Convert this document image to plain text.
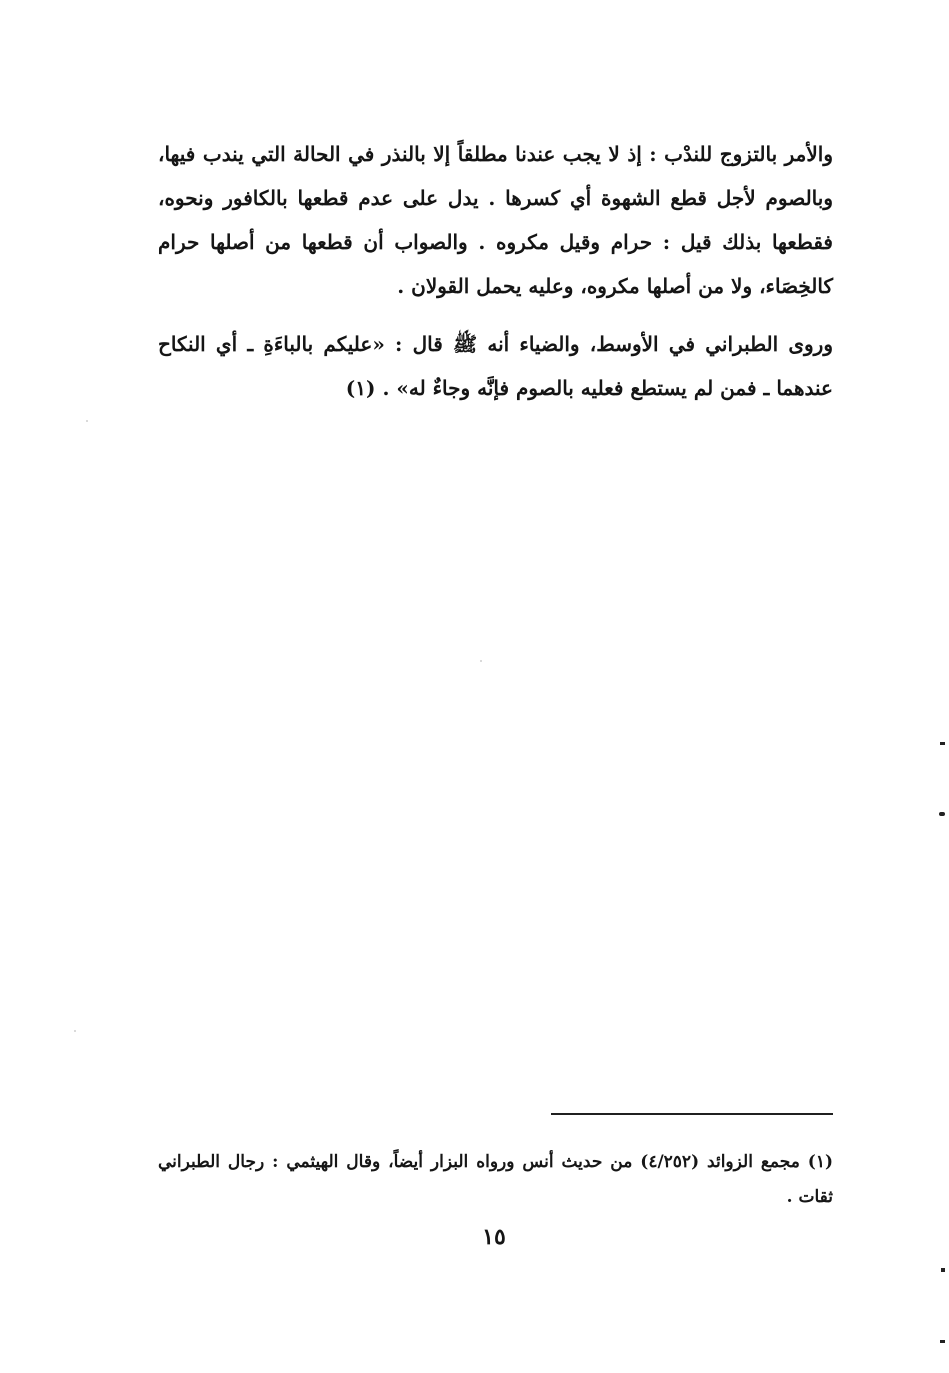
والأمر بالتزوج للندْب : إذ لا يجب عندنا مطلقاً إلا بالنذر في الحالة التي يندب فيها، وبالصوم لأجل قطع الشهوة أي كسرها . يدل على عدم قطعها بالكافور ونحوه، فقطعها بذلك قيل : حرام وقيل مكروه . والصواب أن قطعها من أصلها حرام كالخِصَاء، ولا من أصلها مكروه، وعليه يحمل القولان .

وروى الطبراني في الأوسط، والضياء أنه ﷺ قال : «عليكم بالباءَةِ ـ أي النكاح عندهما ـ فمن لم يستطع فعليه بالصوم فإنَّه وجاءٌ له» . (١)

(١) مجمع الزوائد (٤/٢٥٢) من حديث أنس ورواه البزار أيضاً، وقال الهيثمي : رجال الطبراني ثقات .

١٥
